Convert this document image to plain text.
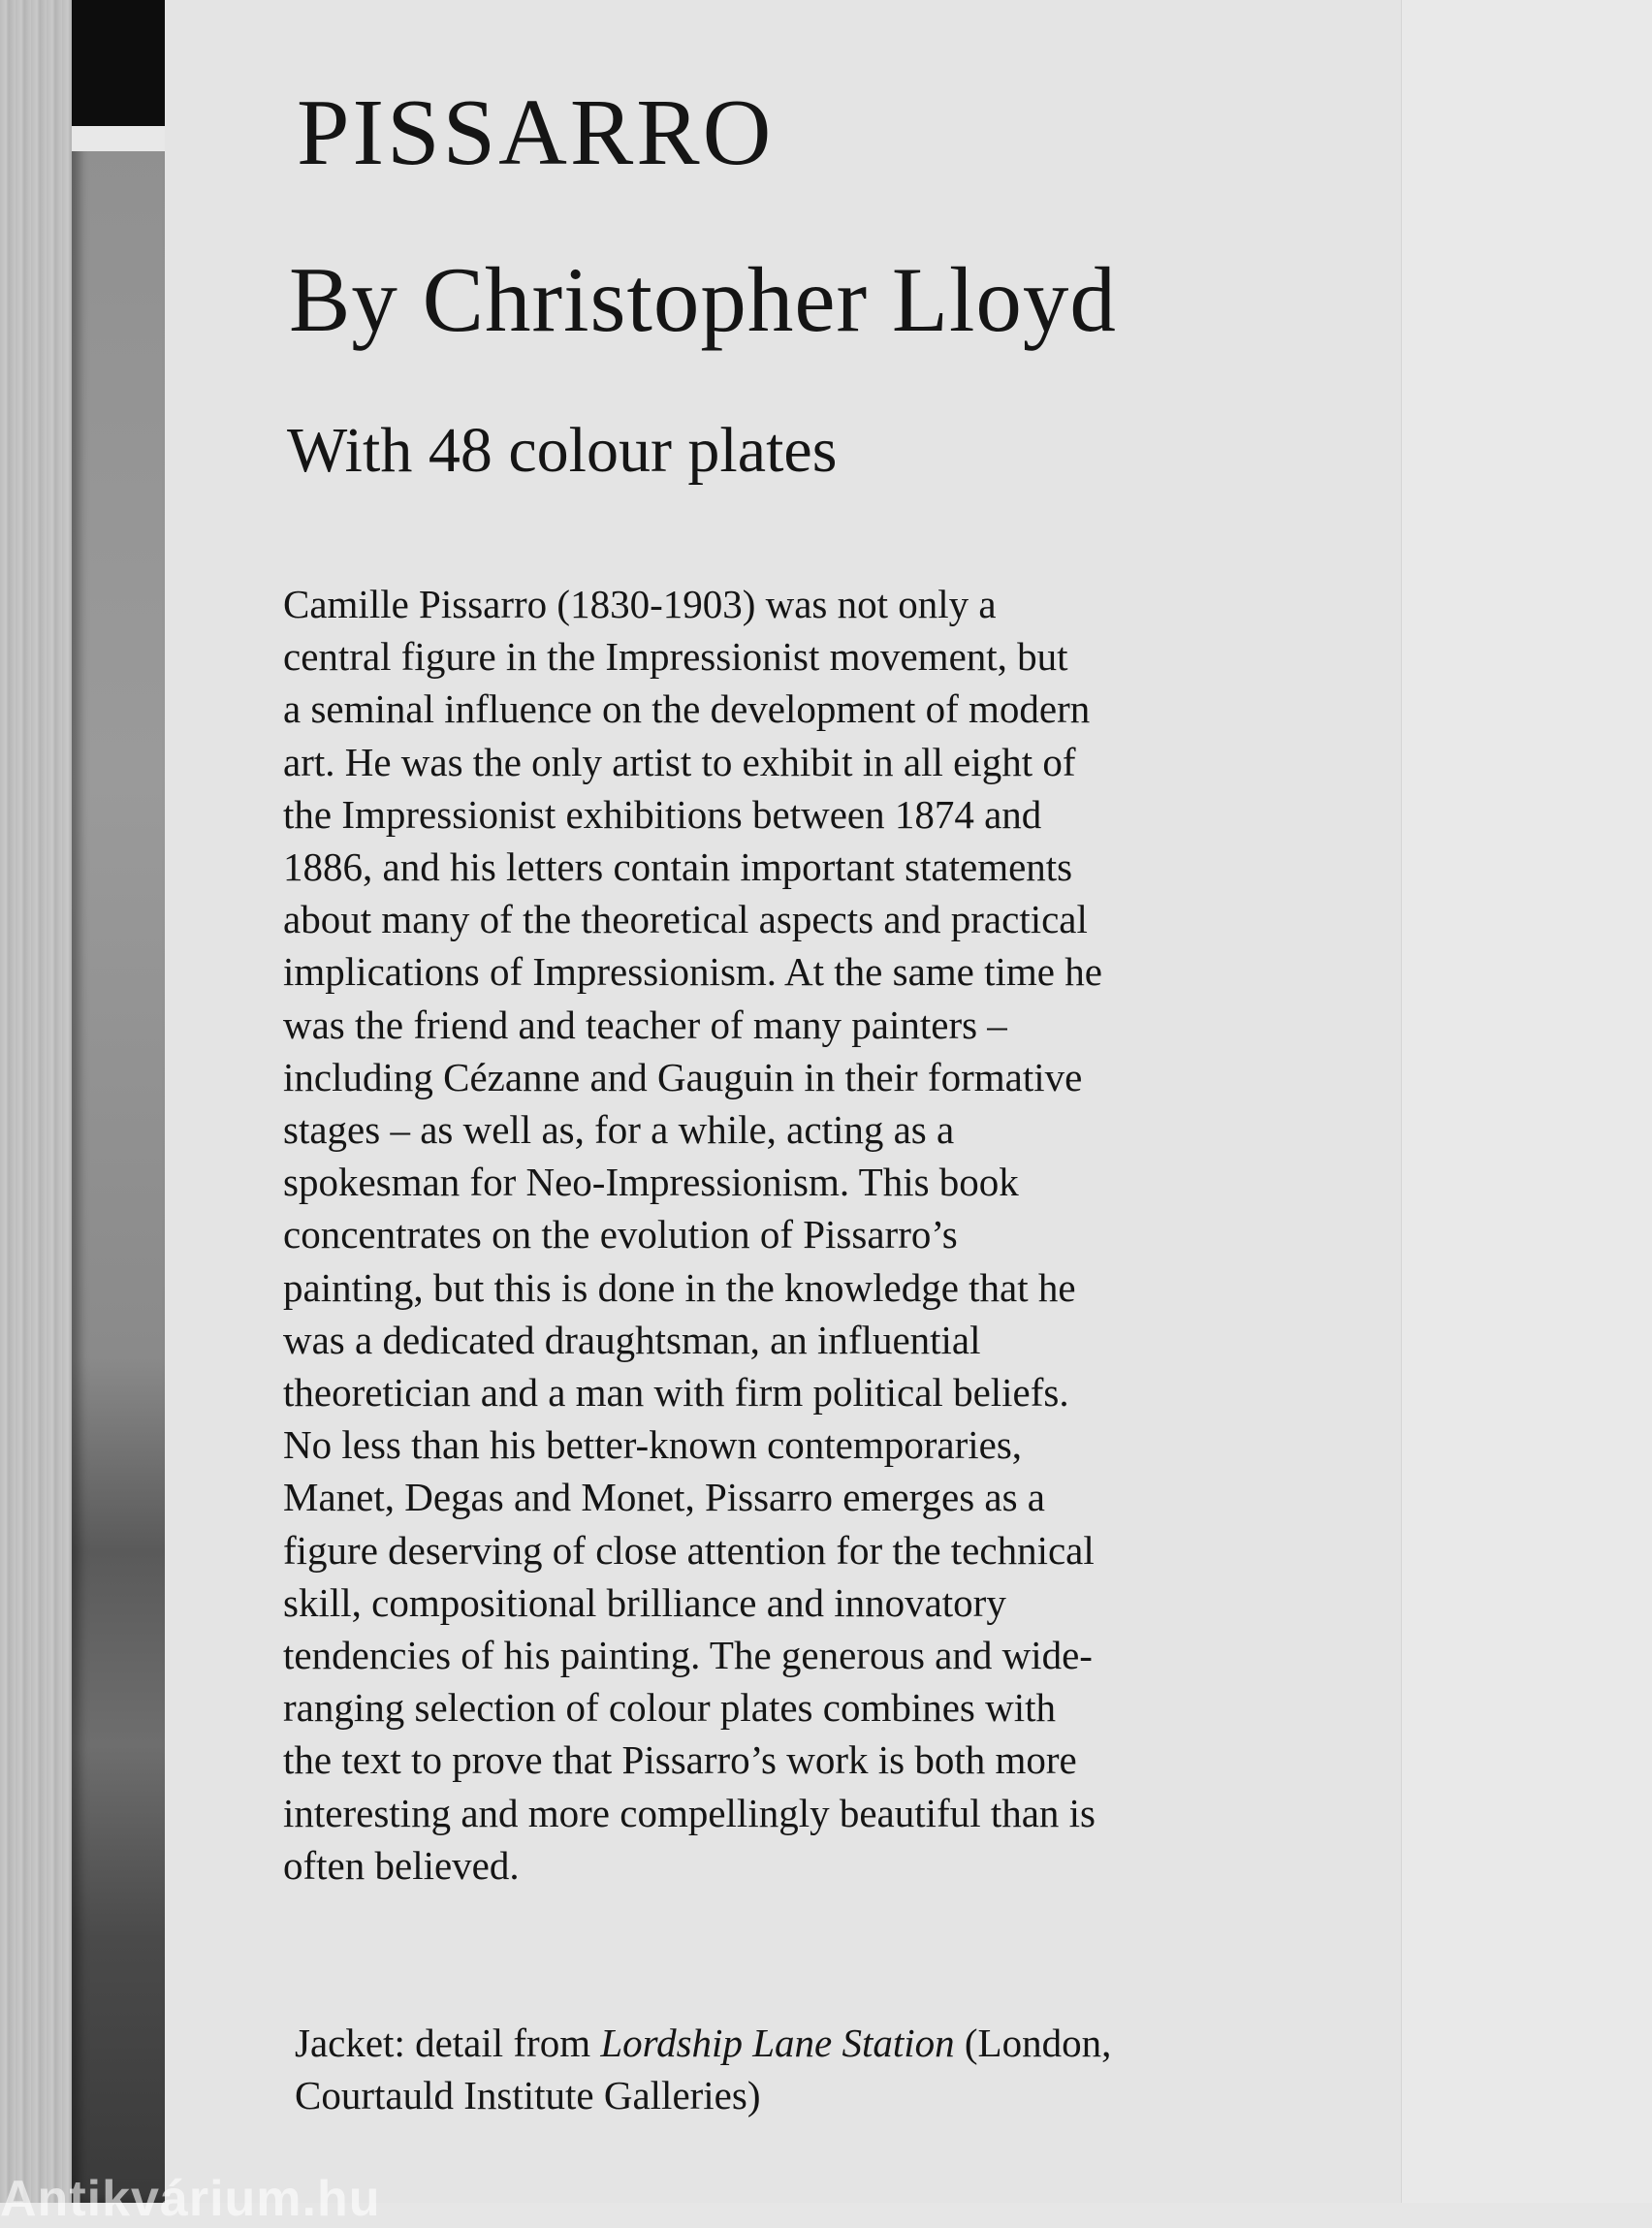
PISSARRO
By Christopher Lloyd
With 48 colour plates
Camille Pissarro (1830-1903) was not only a
central figure in the Impressionist movement, but
a seminal influence on the development of modern
art. He was the only artist to exhibit in all eight of
the Impressionist exhibitions between 1874 and
1886, and his letters contain important statements
about many of the theoretical aspects and practical
implications of Impressionism. At the same time he
was the friend and teacher of many painters –
including Cézanne and Gauguin in their formative
stages – as well as, for a while, acting as a
spokesman for Neo-Impressionism. This book
concentrates on the evolution of Pissarro’s
painting, but this is done in the knowledge that he
was a dedicated draughtsman, an influential
theoretician and a man with firm political beliefs.
No less than his better-known contemporaries,
Manet, Degas and Monet, Pissarro emerges as a
figure deserving of close attention for the technical
skill, compositional brilliance and innovatory
tendencies of his painting. The generous and wide-
ranging selection of colour plates combines with
the text to prove that Pissarro’s work is both more
interesting and more compellingly beautiful than is
often believed.
Jacket: detail from Lordship Lane Station (London,
Courtauld Institute Galleries)
Antikvárium.hu
